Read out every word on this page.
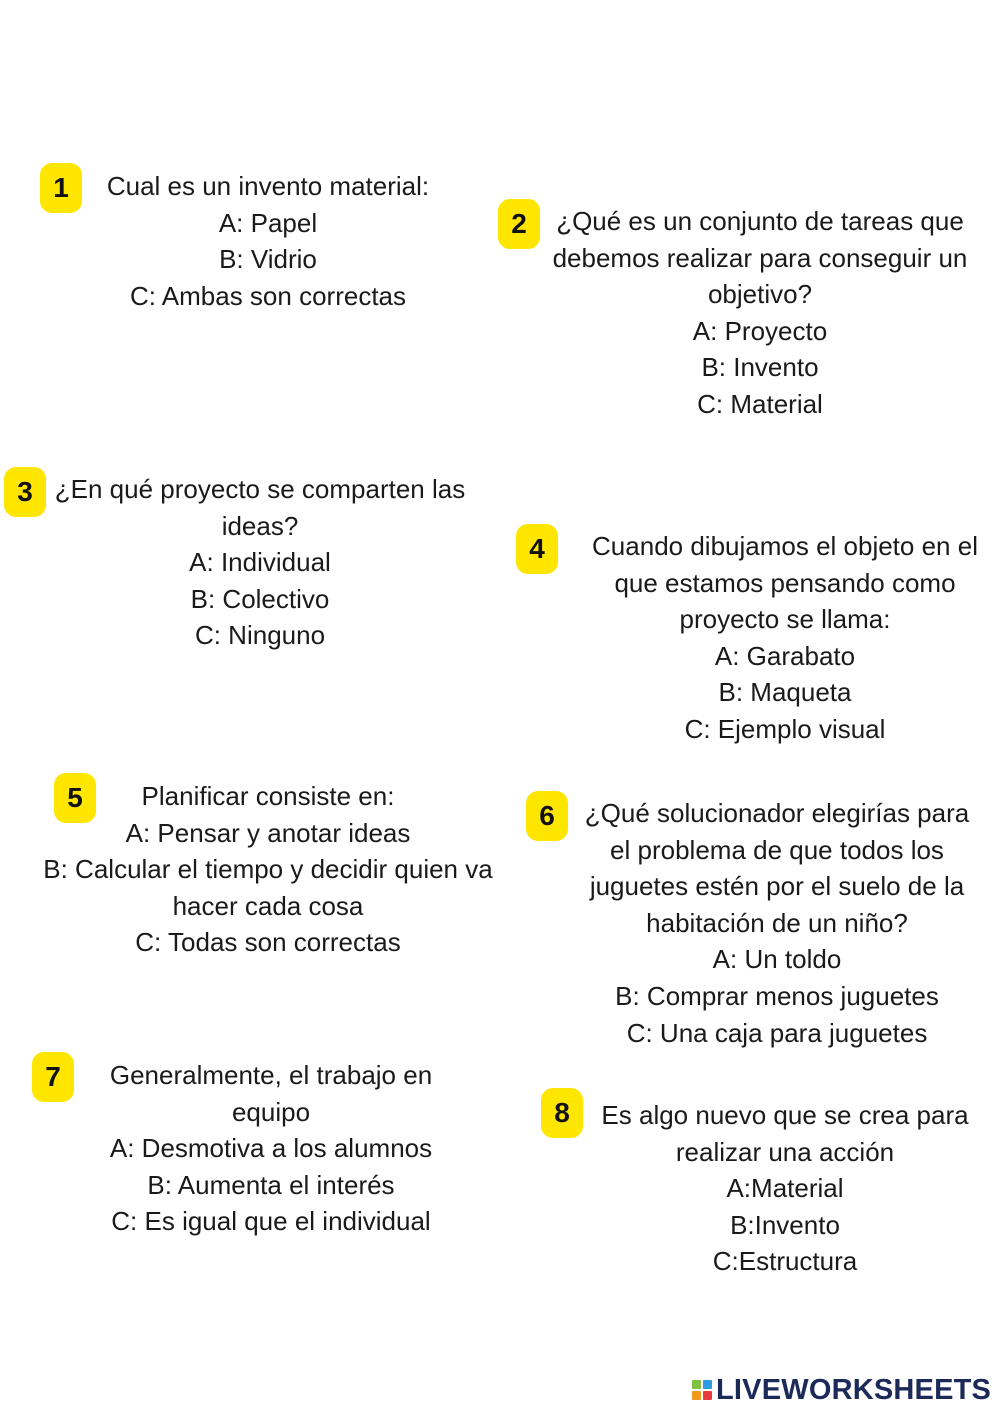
1	Cual es un invento material:
A: Papel
B: Vidrio
C: Ambas son correctas
2	¿Qué es un conjunto de tareas que
debemos realizar para conseguir un
objetivo?
A: Proyecto
B: Invento
C: Material
3 ¿En qué proyecto se comparten las
ideas?
A: Individual
B: Colectivo
C: Ninguno
4	Cuando dibujamos el objeto en el
que estamos pensando como
proyecto se llama:
A: Garabato
B: Maqueta
C: Ejemplo visual
5	Planificar consiste en:
A: Pensar y anotar ideas
B: Calcular el tiempo y decidir quien va
hacer cada cosa
C: Todas son correctas
6	¿Qué solucionador elegirías para
el problema de que todos los
juguetes estén por el suelo de la
habitación de un niño?
A: Un toldo
B: Comprar menos juguetes
C: Una caja para juguetes
7	Generalmente, el trabajo en
equipo
A: Desmotiva a los alumnos
B: Aumenta el interés
C: Es igual que el individual
8	Es algo nuevo que se crea para
realizar una acción
A:Material
B:Invento
C:Estructura
LIVEWORKSHEETS
